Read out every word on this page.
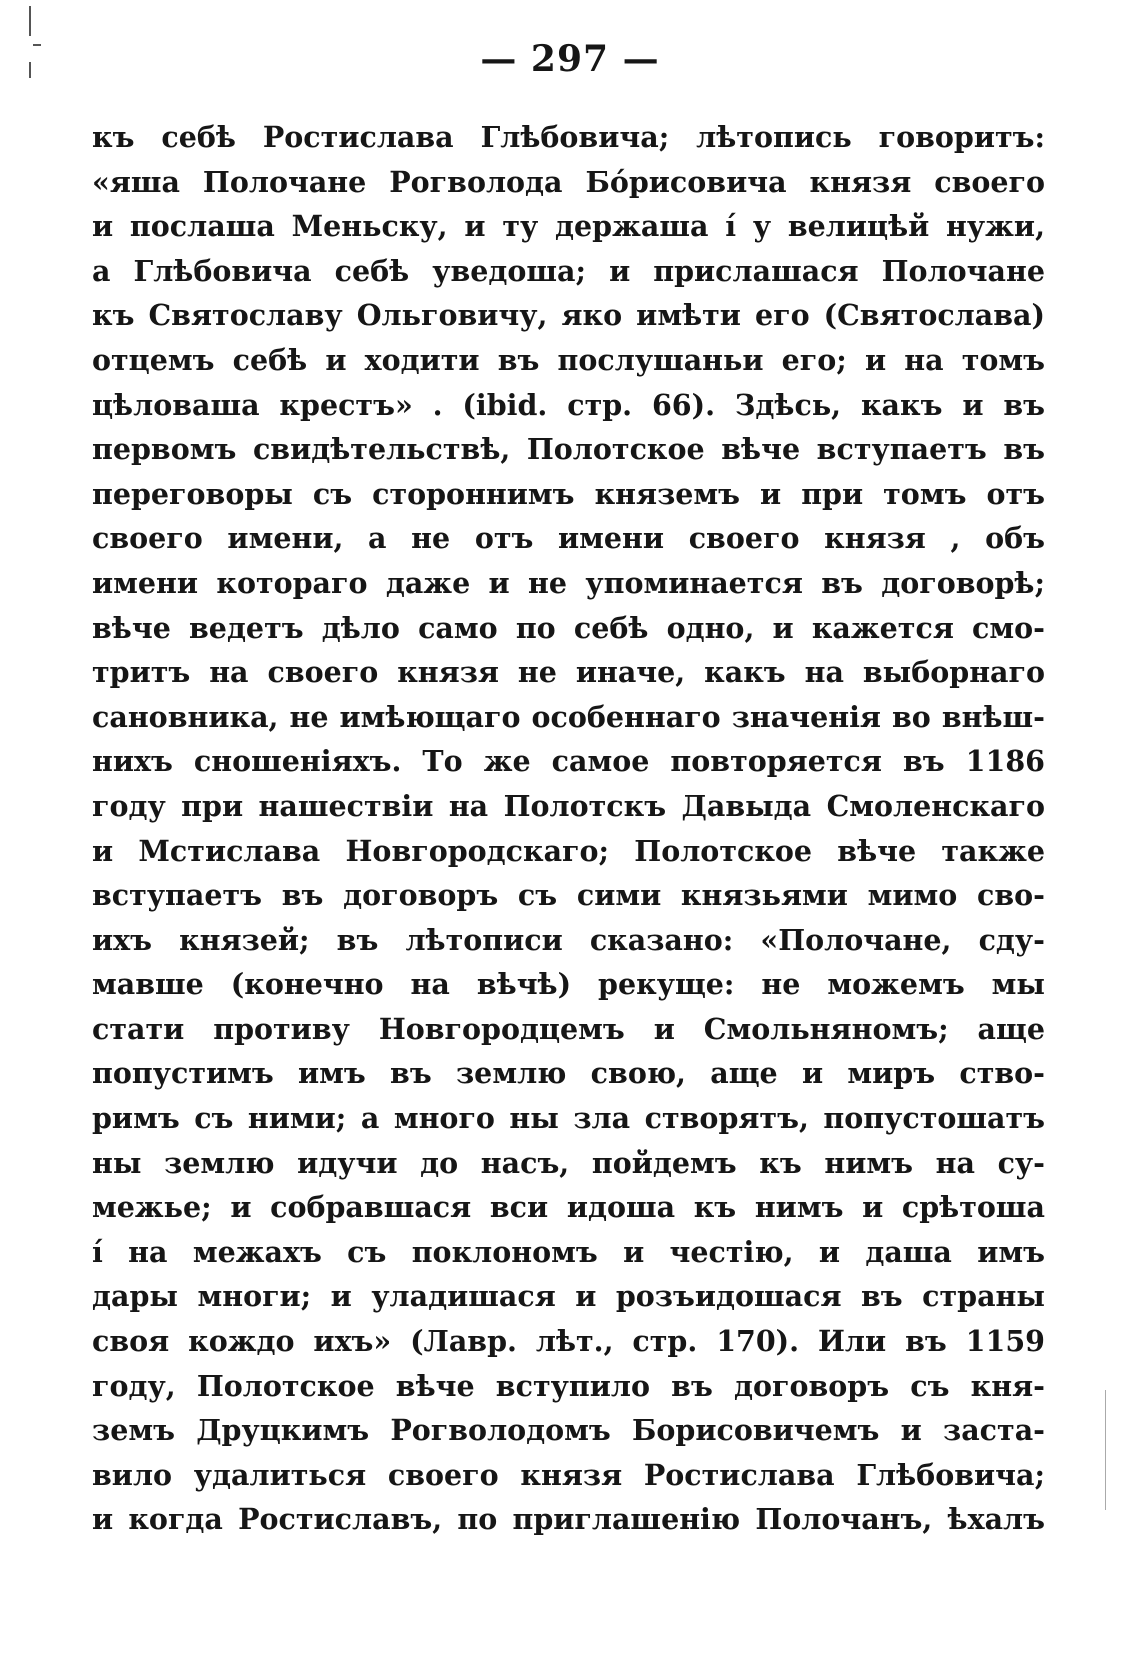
— 297 —
къ себѣ Ростислава Глѣбовича; лѣтопись говоритъ:
«яша Полочане Рогволода Бо́рисовича князя своего
и послаша Меньску, и ту держаша і́ у велицѣй нужи,
а Глѣбовича себѣ уведоша; и прислашася Полочане
къ Святославу Ольговичу, яко имѣти его (Святослава)
отцемъ себѣ и ходити въ послушаньи его; и на томъ
цѣловаша крестъ» . (ibid. стр. 66). Здѣсь, какъ и въ
первомъ свидѣтельствѣ, Полотское вѣче вступаетъ въ
переговоры съ стороннимъ княземъ и при томъ отъ
своего имени, а не отъ имени своего князя , объ
имени котораго даже и не упоминается въ договорѣ;
вѣче ведетъ дѣло само по себѣ одно, и кажется смо-
тритъ на своего князя не иначе, какъ на выборнаго
сановника, не имѣющаго особеннаго значенія во внѣш-
нихъ сношеніяхъ. То же самое повторяется въ 1186
году при нашествіи на Полотскъ Давыда Смоленскаго
и Мстислава Новгородскаго; Полотское вѣче также
вступаетъ въ договоръ съ сими князьями мимо сво-
ихъ князей; въ лѣтописи сказано: «Полочане, сду-
мавше (конечно на вѣчѣ) рекуще: не можемъ мы
стати противу Новгородцемъ и Смольняномъ; аще
попустимъ имъ въ землю свою, аще и миръ ство-
римъ съ ними; а много ны зла створятъ, попустошатъ
ны землю идучи до насъ, пойдемъ къ нимъ на су-
межье; и собравшася вси идоша къ нимъ и срѣтоша
і́ на межахъ съ поклономъ и честію, и даша имъ
дары многи; и уладишася и розъидошася въ страны
своя кождо ихъ» (Лавр. лѣт., стр. 170). Или въ 1159
году, Полотское вѣче вступило въ договоръ съ кня-
земъ Друцкимъ Рогволодомъ Борисовичемъ и заста-
вило удалиться своего князя Ростислава Глѣбовича;
и когда Ростиславъ, по приглашенію Полочанъ, ѣхалъ
